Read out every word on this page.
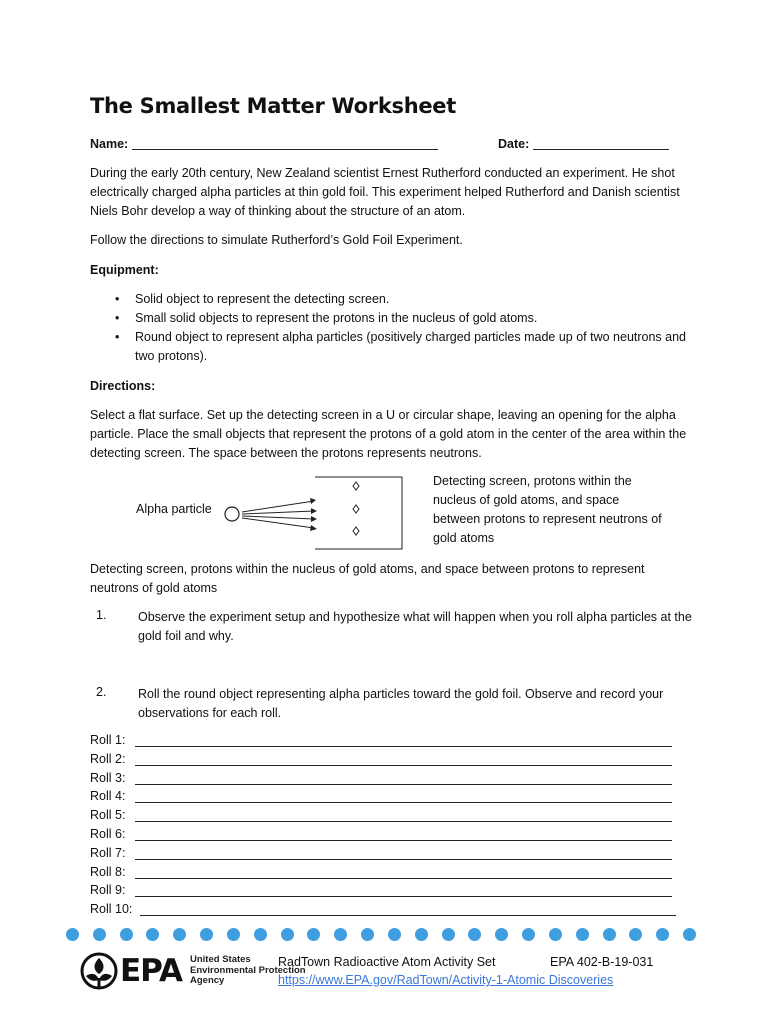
The Smallest Matter Worksheet
Name:	Date:

During the early 20th century, New Zealand scientist Ernest Rutherford conducted an experiment. He shot electrically charged alpha particles at thin gold foil. This experiment helped Rutherford and Danish scientist Niels Bohr develop a way of thinking about the structure of an atom.

Follow the directions to simulate Rutherford’s Gold Foil Experiment.

Equipment:

• Solid object to represent the detecting screen.
• Small solid objects to represent the protons in the nucleus of gold atoms.
• Round object to represent alpha particles (positively charged particles made up of two neutrons and two protons).

Directions:

Select a flat surface. Set up the detecting screen in a U or circular shape, leaving an opening for the alpha particle. Place the small objects that represent the protons of a gold atom in the center of the area within the detecting screen. The space between the protons represents neutrons.

Alpha particle
Detecting screen, protons within the nucleus of gold atoms, and space between protons to represent neutrons of gold atoms

Detecting screen, protons within the nucleus of gold atoms, and space between protons to represent neutrons of gold atoms

1.	Observe the experiment setup and hypothesize what will happen when you roll alpha particles at the gold foil and why.
2.	Roll the round object representing alpha particles toward the gold foil. Observe and record your observations for each roll.
Roll 1:
Roll 2:
Roll 3:
Roll 4:
Roll 5:
Roll 6:
Roll 7:
Roll 8:
Roll 9:
Roll 10:
EPA United States
Environmental Protection
Agency
RadTown Radioactive Atom Activity Set	EPA 402-B-19-031
https://www.EPA.gov/RadTown/Activity-1-Atomic Discoveries
